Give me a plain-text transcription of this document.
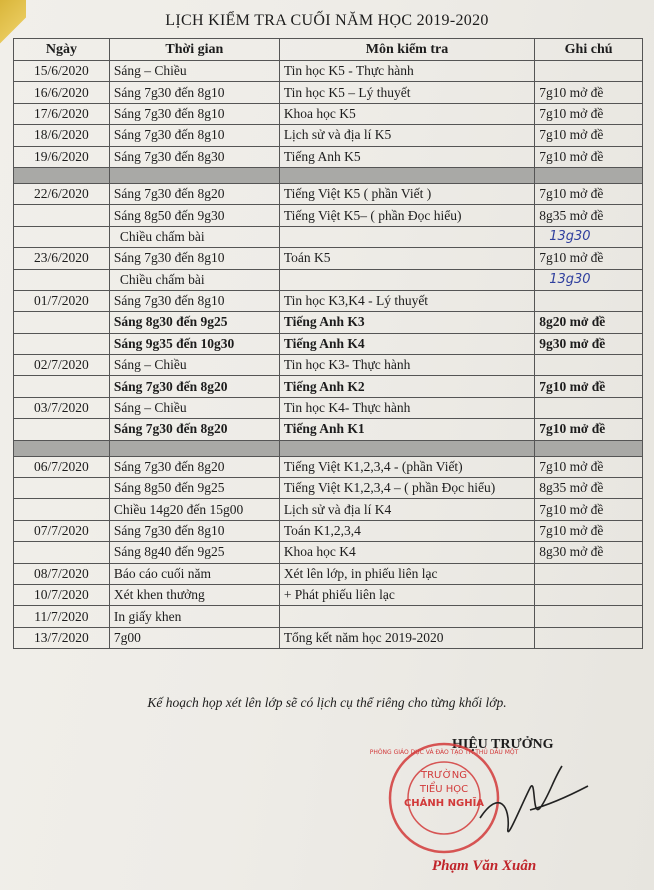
LỊCH KIỂM TRA CUỐI NĂM HỌC 2019-2020
Ngày	Thời gian	Môn kiểm tra	Ghi chú
15/6/2020	Sáng – Chiều	Tin học K5 - Thực hành	
16/6/2020	Sáng 7g30 đến 8g10	Tin học K5 – Lý thuyết	7g10 mở đề
17/6/2020	Sáng 7g30 đến 8g10	Khoa học K5	7g10 mở đề
18/6/2020	Sáng 7g30 đến 8g10	Lịch sử và địa lí K5	7g10 mở đề
19/6/2020	Sáng 7g30 đến 8g30	Tiếng Anh K5	7g10 mở đề

22/6/2020	Sáng 7g30 đến 8g20	Tiếng Việt K5 ( phần Viết )	7g10 mở đề
	Sáng 8g50 đến 9g30	Tiếng Việt K5– ( phần Đọc hiểu)	8g35 mở đề
	Chiều chấm bài		13g30
23/6/2020	Sáng 7g30 đến 8g10	Toán K5	7g10 mở đề
	Chiều chấm bài		13g30
01/7/2020	Sáng 7g30 đến 8g10	Tin học K3,K4 - Lý thuyết	
	Sáng 8g30 đến 9g25	Tiếng Anh K3	8g20 mở đề
	Sáng 9g35 đến 10g30	Tiếng Anh K4	9g30 mở đề
02/7/2020	Sáng – Chiều	Tin học K3- Thực hành	
	Sáng 7g30 đến 8g20	Tiếng Anh K2	7g10 mở đề
03/7/2020	Sáng – Chiều	Tin học K4- Thực hành	
	Sáng 7g30 đến 8g20	Tiếng Anh K1	7g10 mở đề

06/7/2020	Sáng 7g30 đến 8g20	Tiếng Việt K1,2,3,4 - (phần Viết)	7g10 mở đề
	Sáng 8g50 đến 9g25	Tiếng Việt K1,2,3,4 – ( phần Đọc hiểu)	8g35 mở đề
	Chiều 14g20 đến 15g00	Lịch sử và địa lí K4	7g10 mở đề
07/7/2020	Sáng 7g30 đến 8g10	Toán K1,2,3,4	7g10 mở đề
	Sáng 8g40 đến 9g25	Khoa học K4	8g30 mở đề
08/7/2020	Báo cáo cuối năm	Xét lên lớp, in phiếu liên lạc	
10/7/2020	Xét khen thưởng	+ Phát phiếu liên lạc	
11/7/2020	In giấy khen		
13/7/2020	7g00	Tổng kết năm học 2019-2020	
Kế hoạch họp xét lên lớp sẽ có lịch cụ thể riêng cho từng khối lớp.
HIỆU TRƯỞNG
TRƯỜNG
TIỂU HỌC
CHÁNH NGHĨA
PHÒNG GIÁO DỤC VÀ ĐÀO TẠO TP. THỦ DẦU MỘT
Phạm Văn Xuân
